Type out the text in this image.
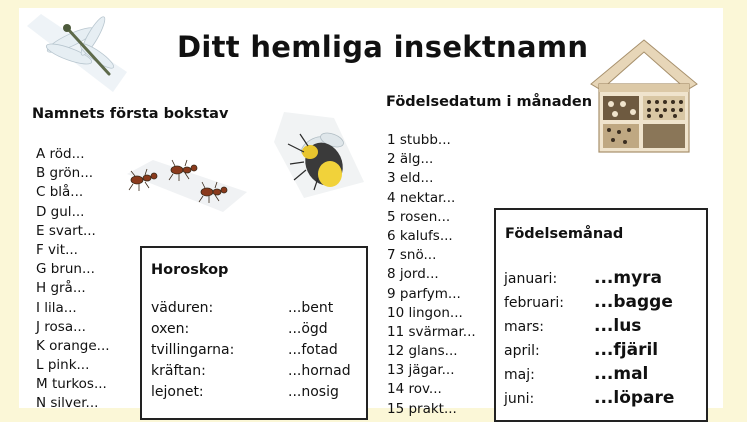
Ditt hemliga insektnamn
Namnets första bokstav
A röd...
B grön...
C blå...
D gul...
E svart...
F vit...
G brun...
H grå...
I lila...
J rosa...
K orange...
L pink...
M turkos...
N silver...
Horoskop
väduren:	...bent
oxen:	...ögd
tvillingarna:	...fotad
kräftan:	...hornad
lejonet:	...nosig
Födelsedatum i månaden
1 stubb...
2 älg...
3 eld...
4 nektar...
5 rosen...
6 kalufs...
7 snö...
8 jord...
9 parfym...
10 lingon...
11 svärmar...
12 glans...
13 jägar...
14 rov...
15 prakt...
Födelsemånad
januari: ...myra
februari: ...bagge
mars:	...lus
april:	...fjäril
maj:	...mal
juni:	...löpare
